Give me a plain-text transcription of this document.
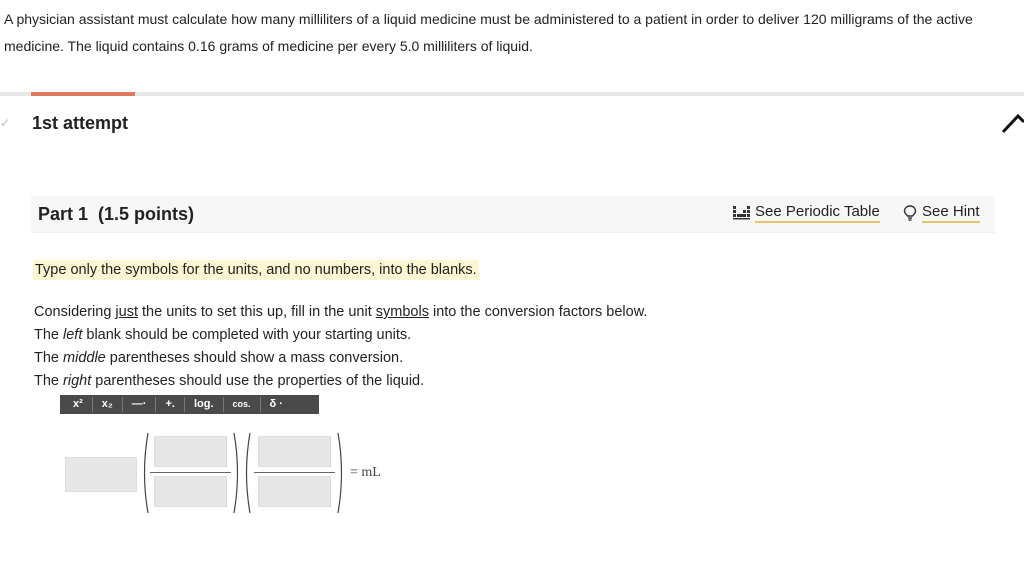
A physician assistant must calculate how many milliliters of a liquid medicine must be administered to a patient in order to deliver 120 milligrams of the active medicine. The liquid contains 0.16 grams of medicine per every 5.0 milliliters of liquid.
✓ 1st attempt
Part 1 (1.5 points)	See Periodic Table	See Hint
Type only the symbols for the units, and no numbers, into the blanks.
Considering just the units to set this up, fill in the unit symbols into the conversion factors below.
The left blank should be completed with your starting units.
The middle parentheses should show a mass conversion.
The right parentheses should use the properties of the liquid.
x²	x₂	—·	+.	log.	cos.	δ ·
= mL
